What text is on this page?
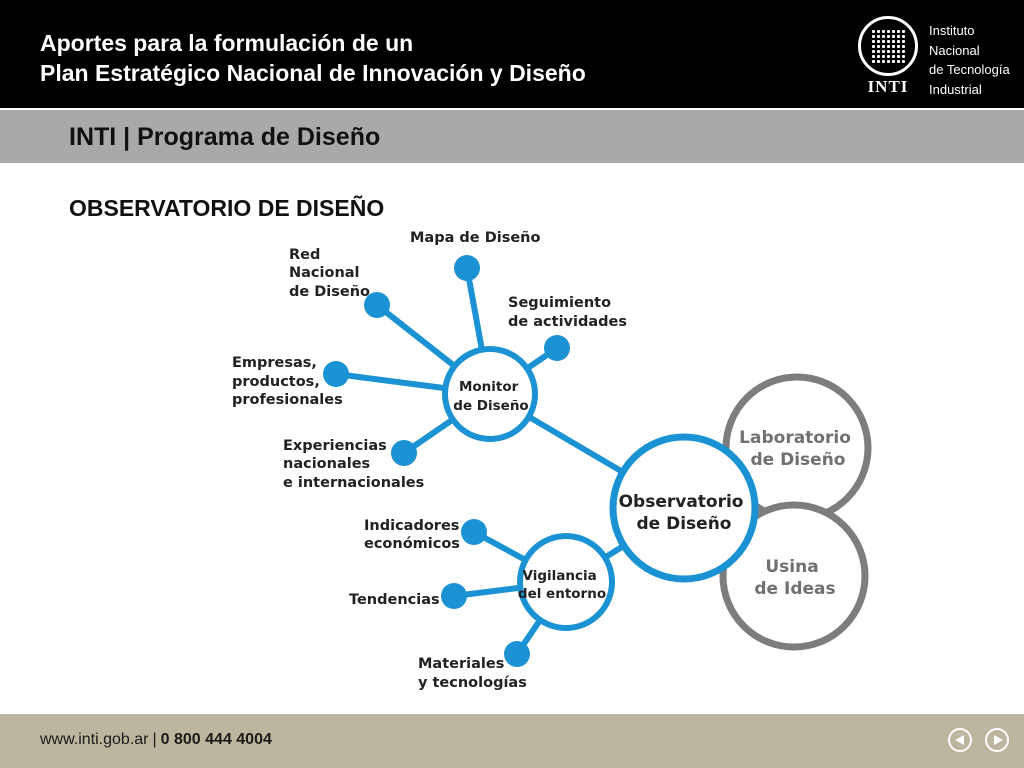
Aportes para la formulación de un
Plan Estratégico Nacional de Innovación y Diseño
INTI
Instituto
Nacional
de Tecnología
Industrial
INTI | Programa de Diseño
OBSERVATORIO DE DISEÑO
Monitor de Diseño
Vigilancia del entorno
Observatorio de Diseño
Laboratorio de Diseño
Usina de Ideas
Mapa de Diseño
Red Nacional de Diseño
Seguimiento de actividades
Empresas, productos, profesionales
Experiencias nacionales e internacionales
Indicadores económicos
Tendencias
Materiales y tecnologías
www.inti.gob.ar | 0 800 444 4004
